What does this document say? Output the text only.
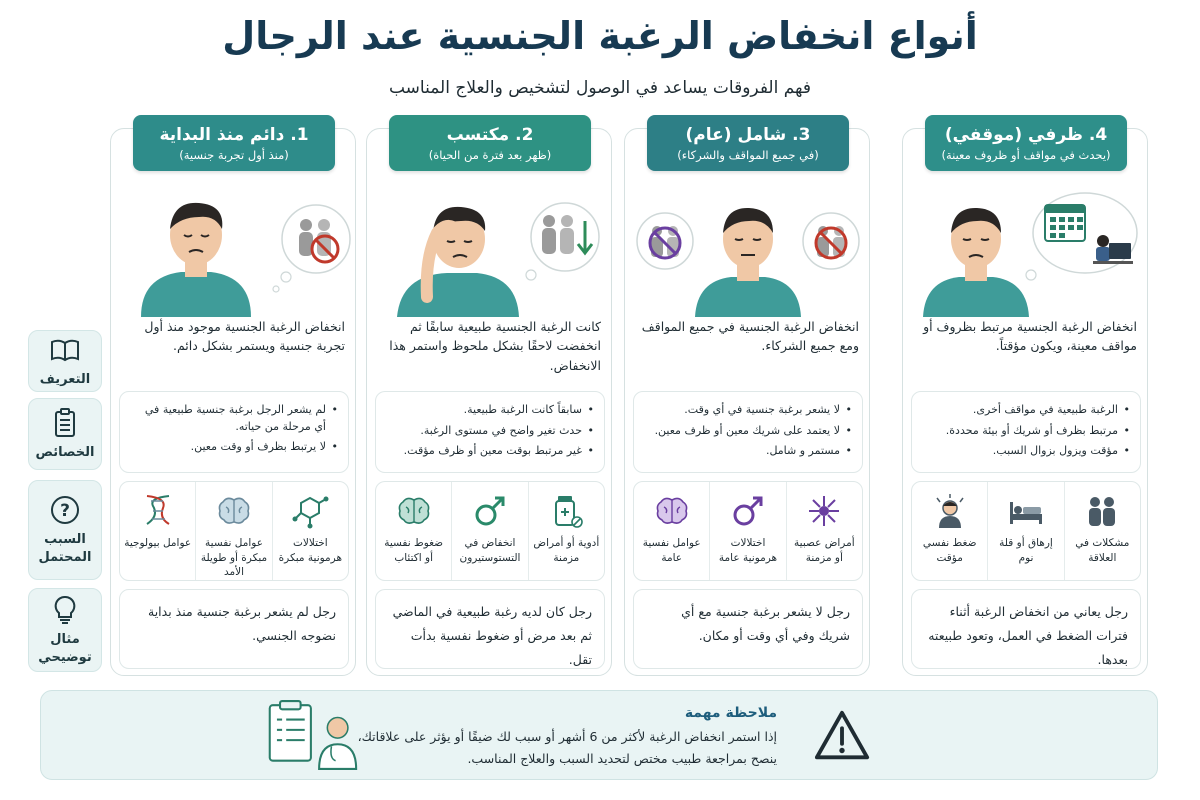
أنواع انخفاض الرغبة الجنسية عند الرجال
فهم الفروقات يساعد في الوصول لتشخيص والعلاج المناسب
التعريف
الخصائص
?
السبب
المحتمل
مثال
توضيحي
1. دائم منذ البداية
(منذ أول تجربة جنسية)
انخفاض الرغبة الجنسية موجود منذ أول تجربة جنسية ويستمر بشكل دائم.
• لم يشعر الرجل برغبة جنسية طبيعية في أي مرحلة من حياته.
• لا يرتبط بظرف أو وقت معين.
اختلالات هرمونية مبكرة
عوامل نفسية مبكرة أو طويلة الأمد
عوامل بيولوجية
رجل لم يشعر برغبة جنسية منذ بداية نضوجه الجنسي.
2. مكتسب
(ظهر بعد فترة من الحياة)
كانت الرغبة الجنسية طبيعية سابقًا ثم انخفضت لاحقًا بشكل ملحوظ واستمر هذا الانخفاض.
• سابقاً كانت الرغبة طبيعية.
• حدث تغير واضح في مستوى الرغبة.
• غير مرتبط بوقت معين أو ظرف مؤقت.
أدوية أو أمراض مزمنة
انخفاض في التستوستيرون
ضغوط نفسية أو اكتئاب
رجل كان لديه رغبة طبيعية في الماضي ثم بعد مرض أو ضغوط نفسية بدأت تقل.
3. شامل (عام)
(في جميع المواقف والشركاء)
انخفاض الرغبة الجنسية في جميع المواقف ومع جميع الشركاء.
• لا يشعر برغبة جنسية في أي وقت.
• لا يعتمد على شريك معين أو ظرف معين.
• مستمر و شامل.
أمراض عصبية أو مزمنة
اختلالات هرمونية عامة
عوامل نفسية عامة
رجل لا يشعر برغبة جنسية مع أي شريك وفي أي وقت أو مكان.
4. ظرفي (موقفي)
(يحدث في مواقف أو ظروف معينة)
انخفاض الرغبة الجنسية مرتبط بظروف أو مواقف معينة، ويكون مؤقتاً.
• الرغبة طبيعية في مواقف أخرى.
• مرتبط بظرف أو شريك أو بيئة محددة.
• مؤقت ويزول بزوال السبب.
مشكلات في العلاقة
إرهاق أو قلة نوم
ضغط نفسي مؤقت
رجل يعاني من انخفاض الرغبة أثناء فترات الضغط في العمل، وتعود طبيعته بعدها.
ملاحظة مهمة
إذا استمر انخفاض الرغبة لأكثر من 6 أشهر أو سبب لك ضيقًا أو يؤثر على علاقاتك،
ينصح بمراجعة طبيب مختص لتحديد السبب والعلاج المناسب.
